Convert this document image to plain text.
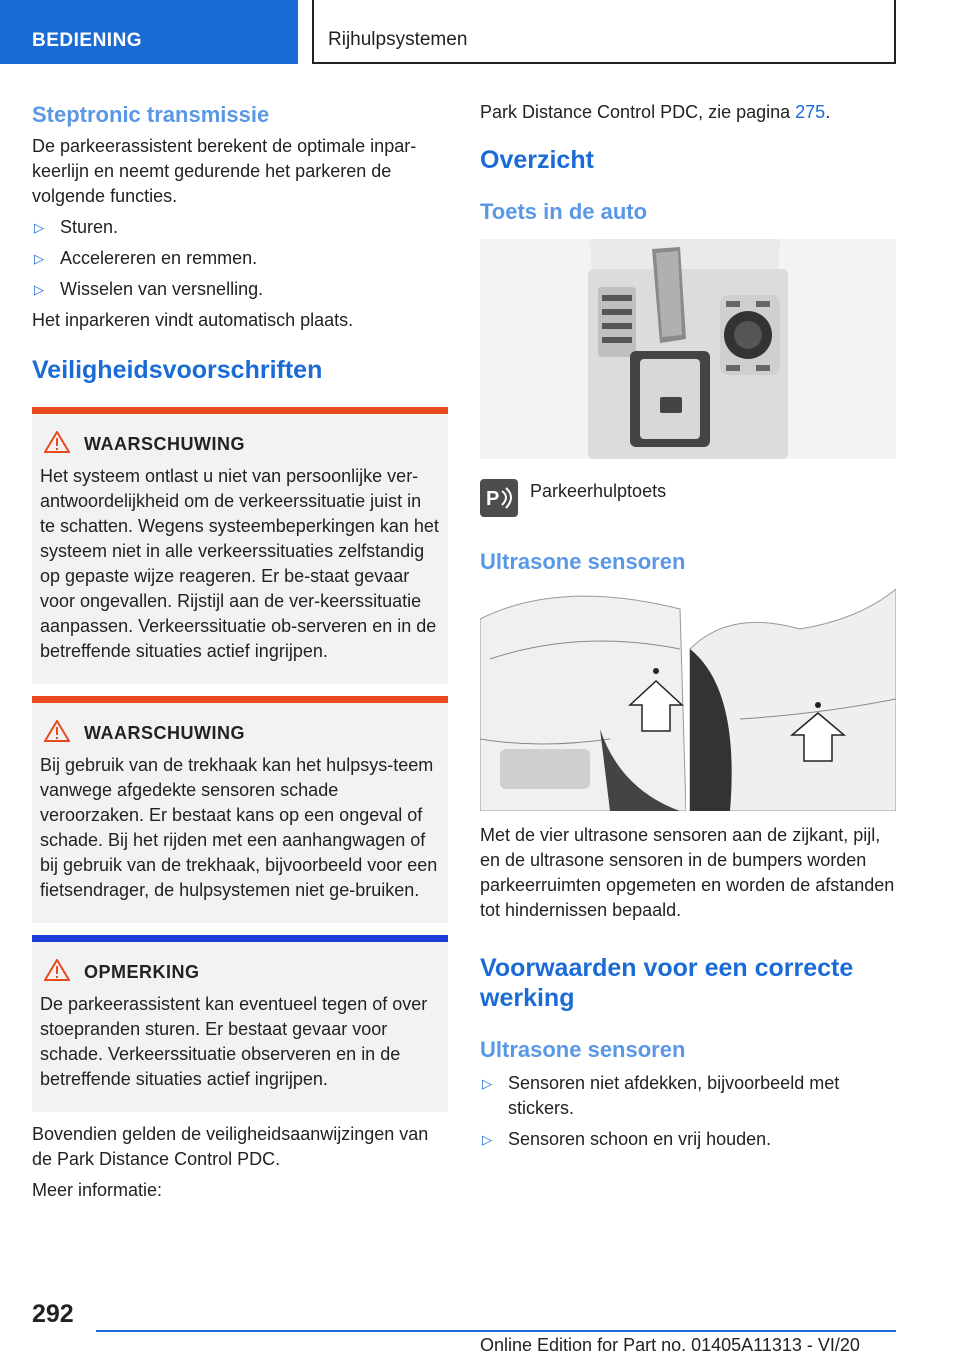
BEDIENING	Rijhulpsystemen
Steptronic transmissie

De parkeerassistent berekent de optimale inpar-keerlijn en neemt gedurende het parkeren de volgende functies.

▷ Sturen.
▷ Accelereren en remmen.
▷ Wisselen van versnelling.

Het inparkeren vindt automatisch plaats.

Veiligheidsvoorschriften
WAARSCHUWING
Het systeem ontlast u niet van persoonlijke ver-antwoordelijkheid om de verkeerssituatie juist in te schatten. Wegens systeembeperkingen kan het systeem niet in alle verkeerssituaties zelfstandig op gepaste wijze reageren. Er be-staat gevaar voor ongevallen. Rijstijl aan de ver-keerssituatie aanpassen. Verkeerssituatie ob-serveren en in de betreffende situaties actief ingrijpen.
WAARSCHUWING
Bij gebruik van de trekhaak kan het hulpsys-teem vanwege afgedekte sensoren schade veroorzaken. Er bestaat kans op een ongeval of schade. Bij het rijden met een aanhangwagen of bij gebruik van de trekhaak, bijvoorbeeld voor een fietsendrager, de hulpsystemen niet ge-bruiken.
OPMERKING
De parkeerassistent kan eventueel tegen of over stoepranden sturen. Er bestaat gevaar voor schade. Verkeerssituatie observeren en in de betreffende situaties actief ingrijpen.

Bovendien gelden de veiligheidsaanwijzingen van de Park Distance Control PDC.

Meer informatie:

Park Distance Control PDC, zie pagina 275.

Overzicht
Toets in de auto
P Parkeerhulptoets
Ultrasone sensoren

Met de vier ultrasone sensoren aan de zijkant, pijl, en de ultrasone sensoren in de bumpers worden parkeerruimten opgemeten en worden de afstanden tot hindernissen bepaald.

Voorwaarden voor een correcte werking
Ultrasone sensoren
▷ Sensoren niet afdekken, bijvoorbeeld met stickers.
▷ Sensoren schoon en vrij houden.
292
Online Edition for Part no. 01405A11313 - VI/20
